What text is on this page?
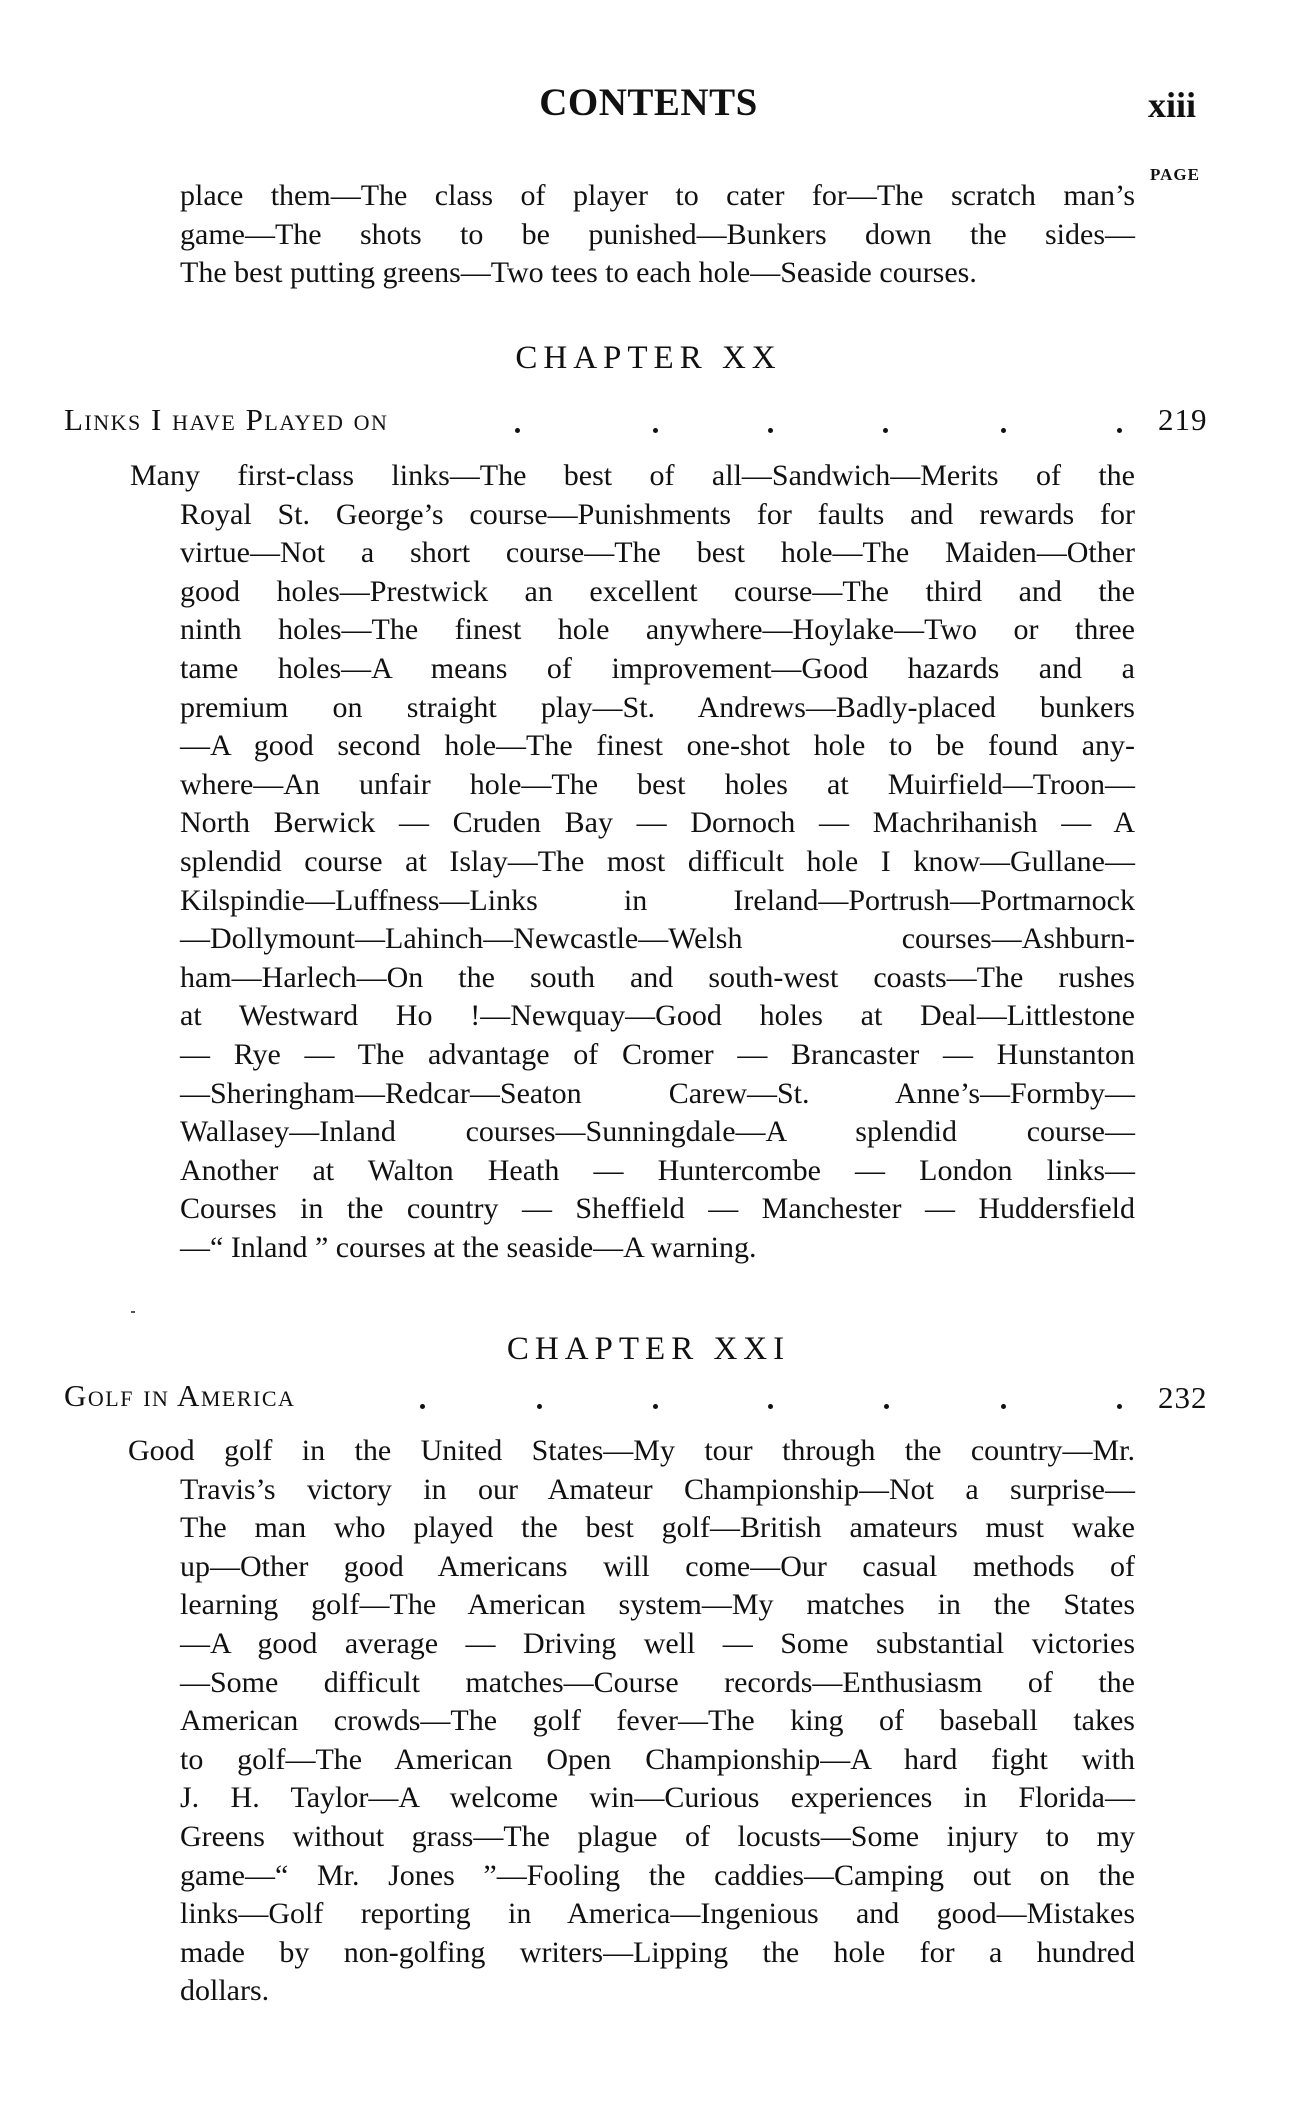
CONTENTS	xiii
PAGE
place them—The class of player to cater for—The scratch man’s
game—The shots to be punished—Bunkers down the sides—
The best putting greens—Two tees to each hole—Seaside courses.
CHAPTER XX
Links I have Played on	219
Many first-class links—The best of all—Sandwich—Merits of the
Royal St. George’s course—Punishments for faults and rewards for
virtue—Not a short course—The best hole—The Maiden—Other
good holes—Prestwick an excellent course—The third and the
ninth holes—The finest hole anywhere—Hoylake—Two or three
tame holes—A means of improvement—Good hazards and a
premium on straight play—St. Andrews—Badly-placed bunkers
—A good second hole—The finest one-shot hole to be found any-
where—An unfair hole—The best holes at Muirfield—Troon—
North Berwick — Cruden Bay — Dornoch — Machrihanish — A
splendid course at Islay—The most difficult hole I know—Gullane—
Kilspindie—Luffness—Links in Ireland—Portrush—Portmarnock
—Dollymount—Lahinch—Newcastle—Welsh courses—Ashburn-
ham—Harlech—On the south and south-west coasts—The rushes
at Westward Ho !—Newquay—Good holes at Deal—Littlestone
— Rye — The advantage of Cromer — Brancaster — Hunstanton
—Sheringham—Redcar—Seaton Carew—St. Anne’s—Formby—
Wallasey—Inland courses—Sunningdale—A splendid course—
Another at Walton Heath — Huntercombe — London links—
Courses in the country — Sheffield — Manchester — Huddersfield
—“ Inland ” courses at the seaside—A warning.
CHAPTER XXI
Golf in America	232
Good golf in the United States—My tour through the country—Mr.
Travis’s victory in our Amateur Championship—Not a surprise—
The man who played the best golf—British amateurs must wake
up—Other good Americans will come—Our casual methods of
learning golf—The American system—My matches in the States
—A good average — Driving well — Some substantial victories
—Some difficult matches—Course records—Enthusiasm of the
American crowds—The golf fever—The king of baseball takes
to golf—The American Open Championship—A hard fight with
J. H. Taylor—A welcome win—Curious experiences in Florida—
Greens without grass—The plague of locusts—Some injury to my
game—“ Mr. Jones ”—Fooling the caddies—Camping out on the
links—Golf reporting in America—Ingenious and good—Mistakes
made by non-golfing writers—Lipping the hole for a hundred
dollars.
